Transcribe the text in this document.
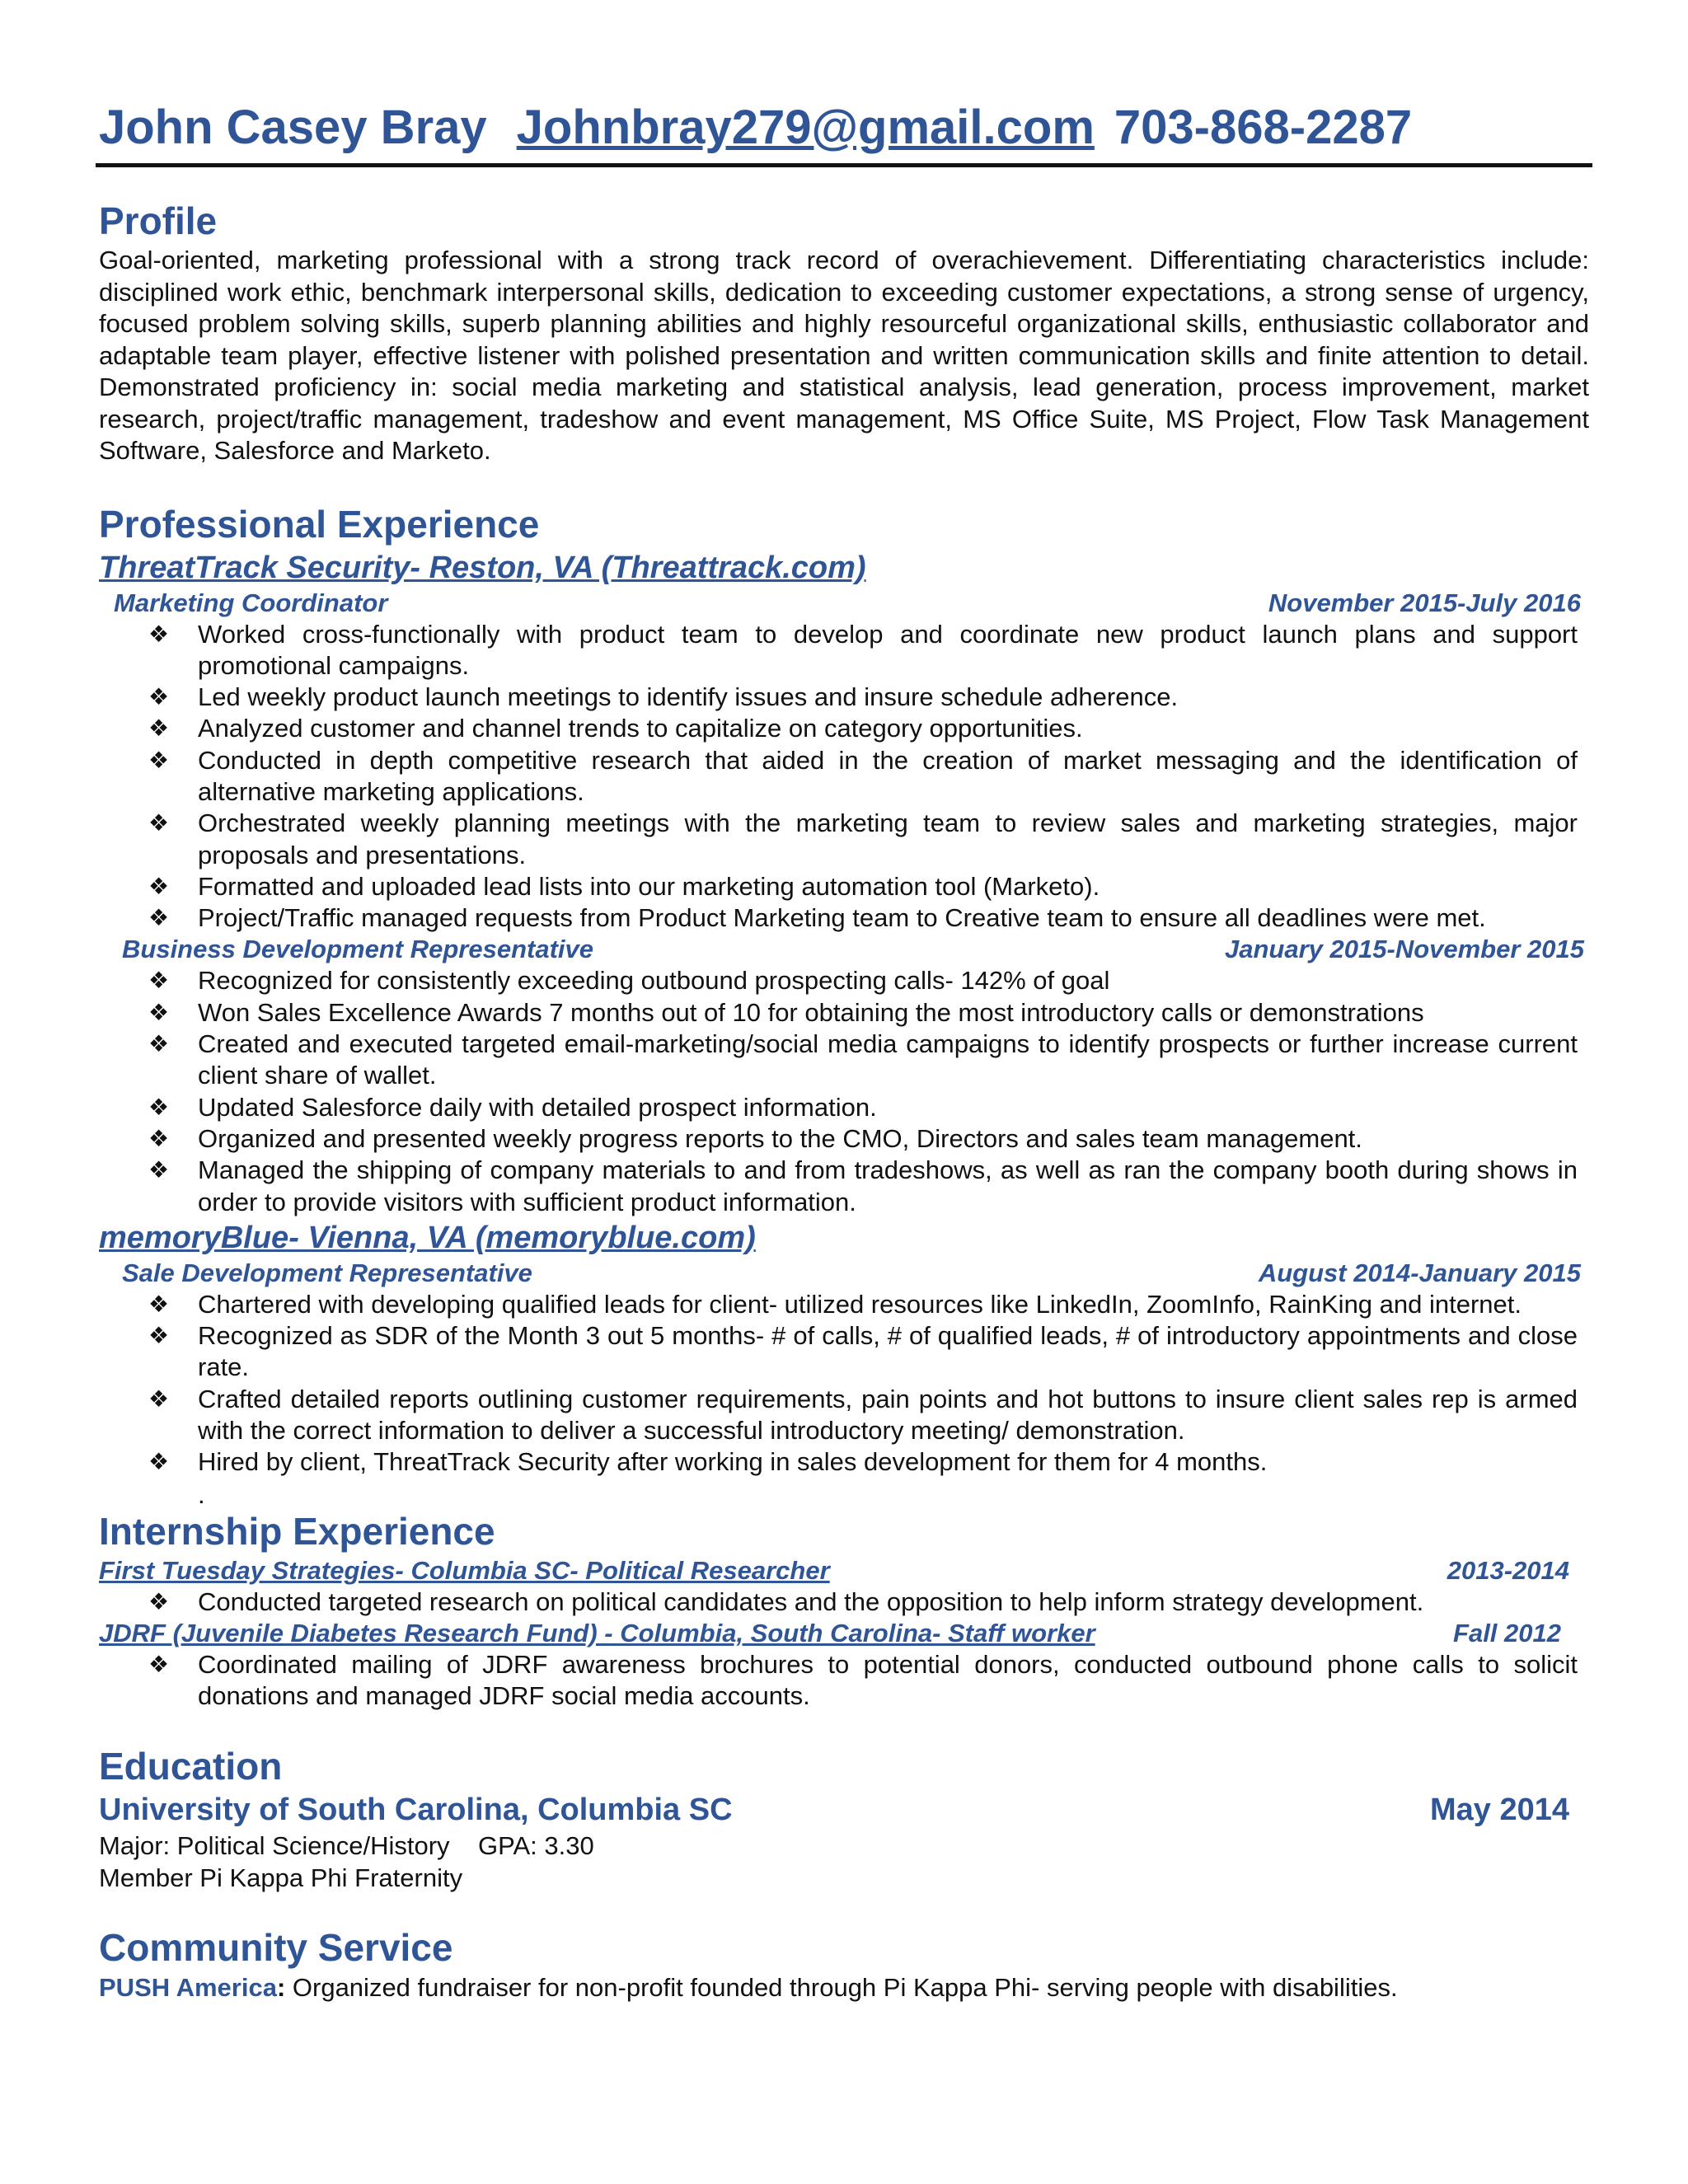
John Casey Bray Johnbray279@gmail.com 703-868-2287
Profile

Goal-oriented, marketing professional with a strong track record of overachievement. Differentiating characteristics include: disciplined work ethic, benchmark interpersonal skills, dedication to exceeding customer expectations, a strong sense of urgency, focused problem solving skills, superb planning abilities and highly resourceful organizational skills, enthusiastic collaborator and adaptable team player, effective listener with polished presentation and written communication skills and finite attention to detail. Demonstrated proficiency in: social media marketing and statistical analysis, lead generation, process improvement, market research, project/traffic management, tradeshow and event management, MS Office Suite, MS Project, Flow Task Management Software, Salesforce and Marketo.

Professional Experience
ThreatTrack Security- Reston, VA (Threattrack.com)
Marketing Coordinator	November 2015-July 2016
❖ Worked cross-functionally with product team to develop and coordinate new product launch plans and support promotional campaigns.
❖ Led weekly product launch meetings to identify issues and insure schedule adherence.
❖ Analyzed customer and channel trends to capitalize on category opportunities.
❖ Conducted in depth competitive research that aided in the creation of market messaging and the identification of alternative marketing applications.
❖ Orchestrated weekly planning meetings with the marketing team to review sales and marketing strategies, major proposals and presentations.
❖ Formatted and uploaded lead lists into our marketing automation tool (Marketo).
❖ Project/Traffic managed requests from Product Marketing team to Creative team to ensure all deadlines were met.
Business Development Representative	January 2015-November 2015
❖ Recognized for consistently exceeding outbound prospecting calls- 142% of goal
❖ Won Sales Excellence Awards 7 months out of 10 for obtaining the most introductory calls or demonstrations
❖ Created and executed targeted email-marketing/social media campaigns to identify prospects or further increase current client share of wallet.
❖ Updated Salesforce daily with detailed prospect information.
❖ Organized and presented weekly progress reports to the CMO, Directors and sales team management.
❖ Managed the shipping of company materials to and from tradeshows, as well as ran the company booth during shows in order to provide visitors with sufficient product information.
memoryBlue- Vienna, VA (memoryblue.com)
Sale Development Representative	August 2014-January 2015
❖ Chartered with developing qualified leads for client- utilized resources like LinkedIn, ZoomInfo, RainKing and internet.
❖ Recognized as SDR of the Month 3 out 5 months- # of calls, # of qualified leads, # of introductory appointments and close rate.
❖ Crafted detailed reports outlining customer requirements, pain points and hot buttons to insure client sales rep is armed with the correct information to deliver a successful introductory meeting/ demonstration.
❖ Hired by client, ThreatTrack Security after working in sales development for them for 4 months.
.
Internship Experience
First Tuesday Strategies- Columbia SC- Political Researcher	2013-2014
❖ Conducted targeted research on political candidates and the opposition to help inform strategy development.
JDRF (Juvenile Diabetes Research Fund) - Columbia, South Carolina- Staff worker	Fall 2012
❖ Coordinated mailing of JDRF awareness brochures to potential donors, conducted outbound phone calls to solicit donations and managed JDRF social media accounts.
Education
University of South Carolina, Columbia SC	May 2014
Major: Political Science/History    GPA: 3.30
Member Pi Kappa Phi Fraternity
Community Service
PUSH America: Organized fundraiser for non-profit founded through Pi Kappa Phi- serving people with disabilities.
